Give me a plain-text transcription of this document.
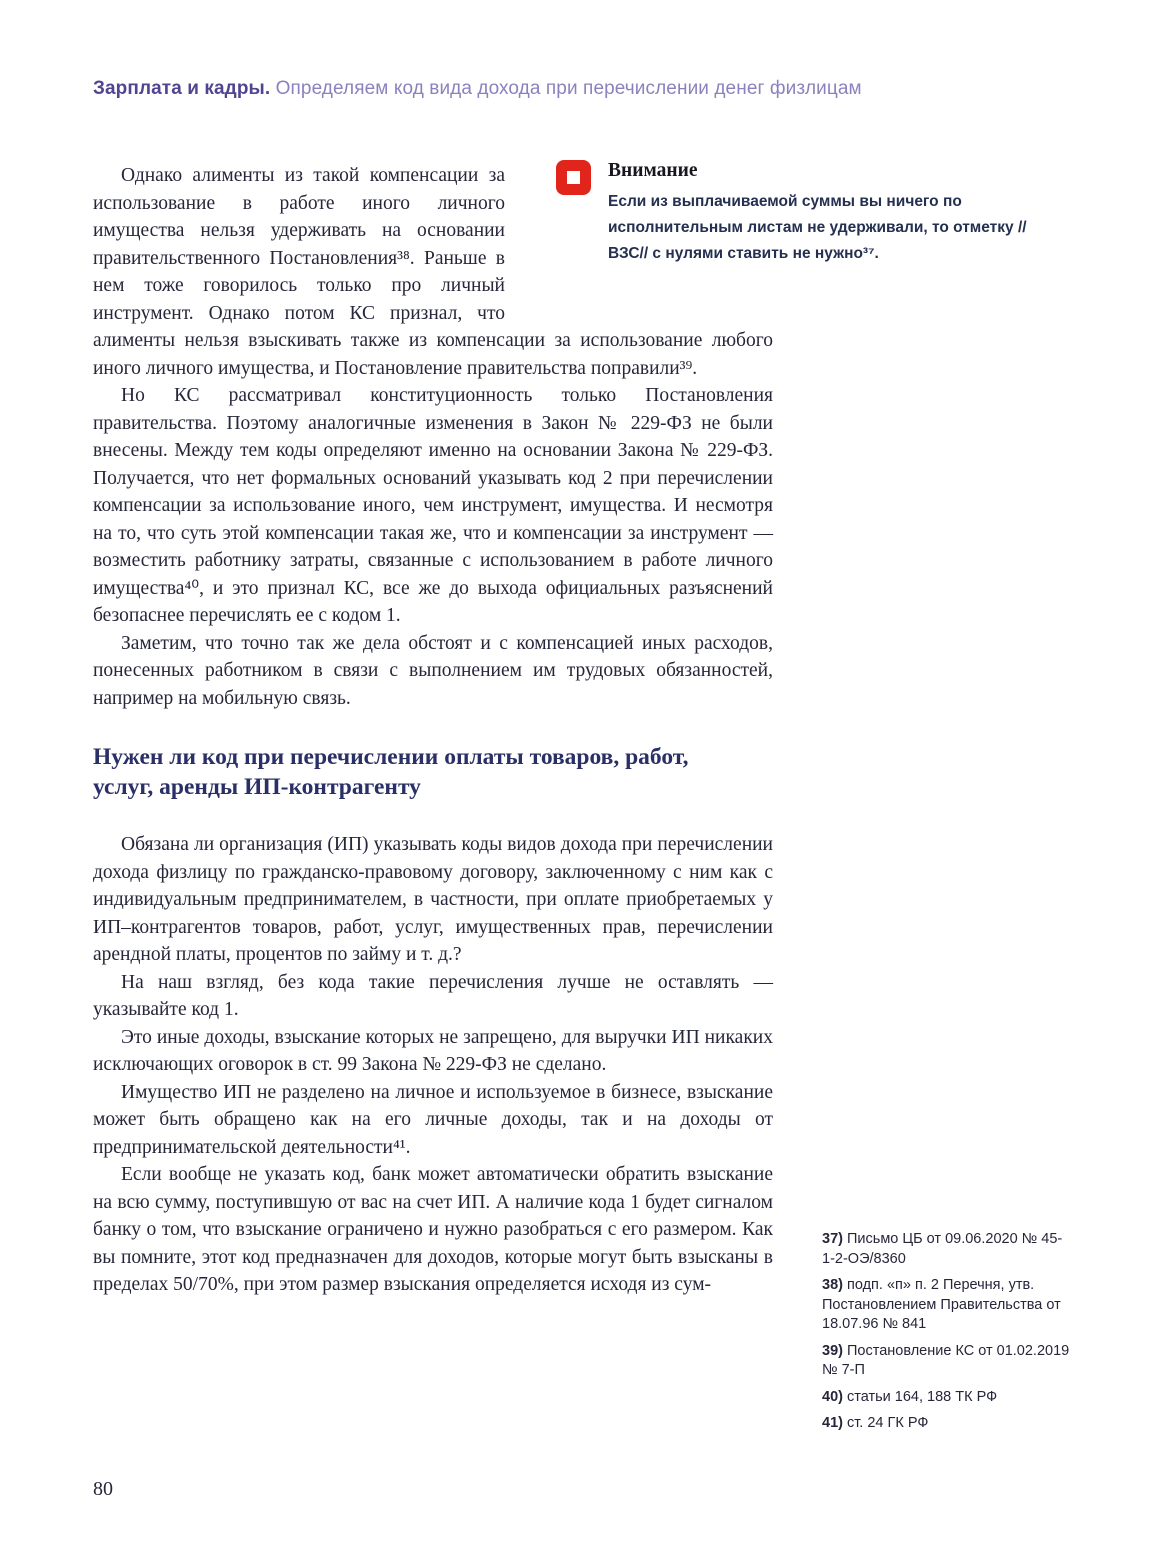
Зарплата и кадры. Определяем код вида дохода при перечислении денег физлицам
Внимание

Если из выплачиваемой суммы вы ничего по исполнительным листам не удерживали, то отметку //ВЗС// с нулями ставить не нужно³⁷.

Однако алименты из такой компенсации за использование в работе иного личного имущества нельзя удерживать на основании правительственного Постановления³⁸. Раньше в нем тоже говорилось только про личный инструмент. Однако потом КС признал, что алименты нельзя взыскивать также из компенсации за использование любого иного личного имущества, и Постановление правительства поправили³⁹.

Но КС рассматривал конституционность только Постановления правительства. Поэтому аналогичные изменения в Закон № 229-ФЗ не были внесены. Между тем коды определяют именно на основании Закона № 229-ФЗ. Получается, что нет формальных оснований указывать код 2 при перечислении компенсации за использование иного, чем инструмент, имущества. И несмотря на то, что суть этой компенсации такая же, что и компенсации за инструмент — возместить работнику затраты, связанные с использованием в работе личного имущества⁴⁰, и это признал КС, все же до выхода официальных разъяснений безопаснее перечислять ее с кодом 1.

Заметим, что точно так же дела обстоят и с компенсацией иных расходов, понесенных работником в связи с выполнением им трудовых обязанностей, например на мобильную связь.

Нужен ли код при перечислении оплаты товаров, работ, услуг, аренды ИП-контрагенту

Обязана ли организация (ИП) указывать коды видов дохода при перечислении дохода физлицу по гражданско-правовому договору, заключенному с ним как с индивидуальным предпринимателем, в частности, при оплате приобретаемых у ИП–контрагентов товаров, работ, услуг, имущественных прав, перечислении арендной платы, процентов по займу и т. д.?

На наш взгляд, без кода такие перечисления лучше не оставлять — указывайте код 1.

Это иные доходы, взыскание которых не запрещено, для выручки ИП никаких исключающих оговорок в ст. 99 Закона № 229-ФЗ не сделано.

Имущество ИП не разделено на личное и используемое в бизнесе, взыскание может быть обращено как на его личные доходы, так и на доходы от предпринимательской деятельности⁴¹.

Если вообще не указать код, банк может автоматически обратить взыскание на всю сумму, поступившую от вас на счет ИП. А наличие кода 1 будет сигналом банку о том, что взыскание ограничено и нужно разобраться с его размером. Как вы помните, этот код предназначен для доходов, которые могут быть взысканы в пределах 50/70%, при этом размер взыскания определяется исходя из сум-

37) Письмо ЦБ от 09.06.2020 № 45-1-2-ОЭ/8360
38) подп. «п» п. 2 Перечня, утв. Постановлением Правительства от 18.07.96 № 841
39) Постановление КС от 01.02.2019 № 7-П
40) статьи 164, 188 ТК РФ
41) ст. 24 ГК РФ
80
